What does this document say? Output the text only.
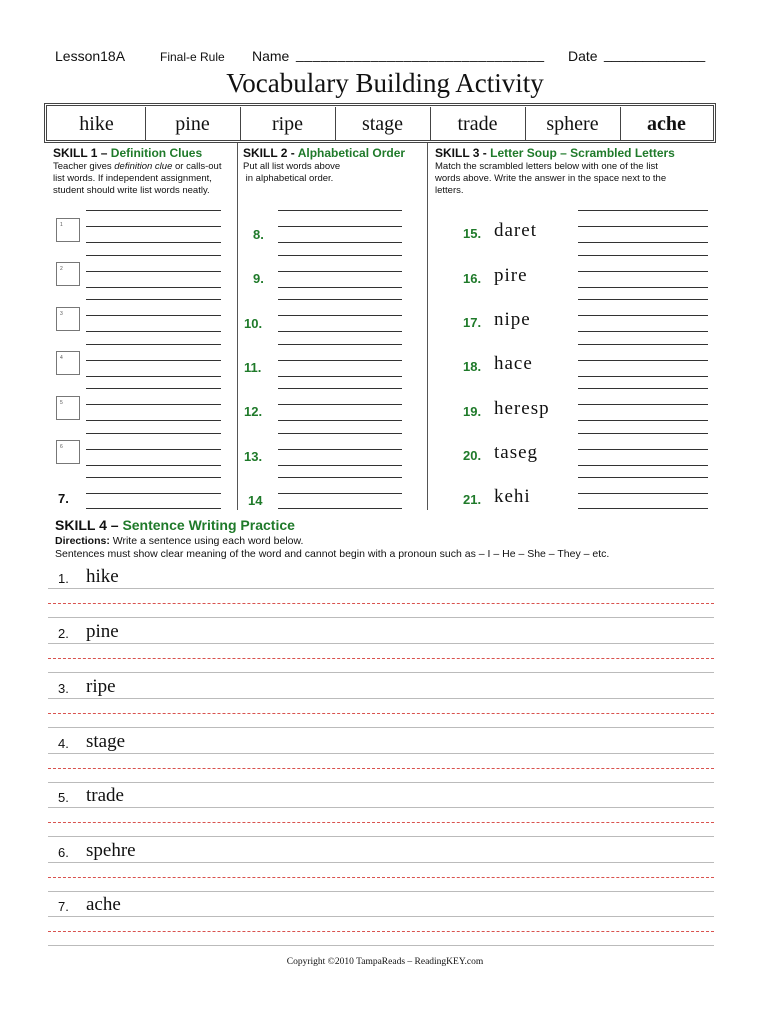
Lesson18A	Final-e Rule Name ______________________________ Date _____________
Vocabulary Building Activity
hike	pine	ripe	stage	trade	sphere	ache
SKILL 1 – Definition Clues
Teacher gives definition clue or calls-out
list words. If independent assignment,
student should write list words neatly.
SKILL 2 - Alphabetical Order
Put all list words above
in alphabetical order.
SKILL 3 - Letter Soup – Scrambled Letters
Match the scrambled letters below with one of the list
words above. Write the answer in the space next to the
letters.
1
2
3
4
5
6
7.
8.
9.
10.
11.
12.
13.
14
15. daret
16. pire
17. nipe
18. hace
19. heresp
20. taseg
21. kehi
SKILL 4 – Sentence Writing Practice
Directions: Write a sentence using each word below.
Sentences must show clear meaning of the word and cannot begin with a pronoun such as – I – He – She – They – etc.
1. hike
2. pine
3. ripe
4. stage
5. trade
6. spehre
7. ache
Copyright ©2010 TampaReads – ReadingKEY.com
